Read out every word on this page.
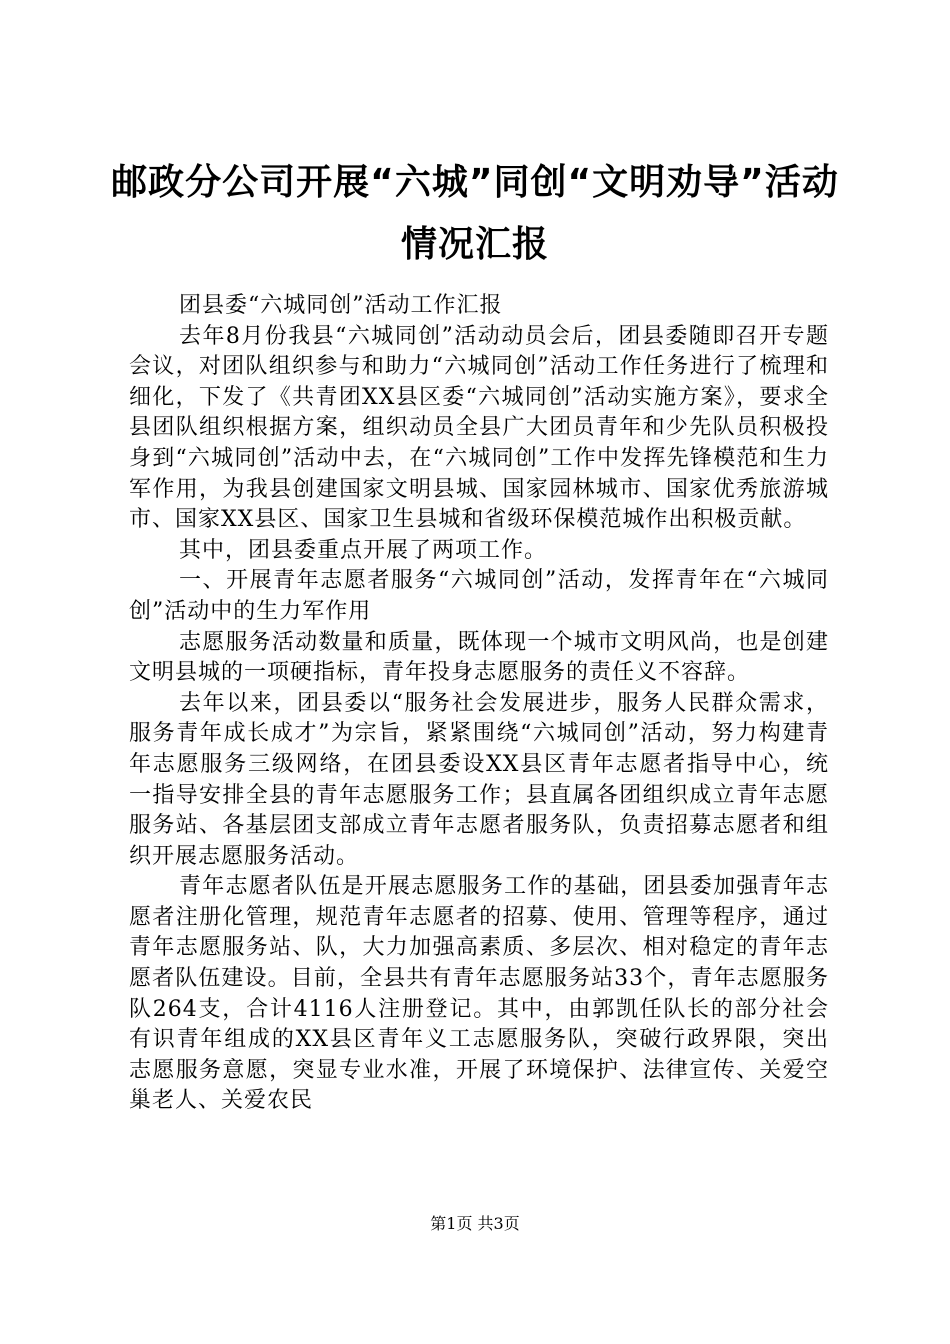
邮政分公司开展“六城”同创“文明劝导”活动情况汇报

团县委“六城同创”活动工作汇报

去年8月份我县“六城同创”活动动员会后，团县委随即召开专题会议，对团队组织参与和助力“六城同创”活动工作任务进行了梳理和细化，下发了《共青团XX县区委“六城同创”活动实施方案》，要求全县团队组织根据方案，组织动员全县广大团员青年和少先队员积极投身到“六城同创”活动中去，在“六城同创”工作中发挥先锋模范和生力军作用，为我县创建国家文明县城、国家园林城市、国家优秀旅游城市、国家XX县区、国家卫生县城和省级环保模范城作出积极贡献。

其中，团县委重点开展了两项工作。

一、开展青年志愿者服务“六城同创”活动，发挥青年在“六城同创”活动中的生力军作用

志愿服务活动数量和质量，既体现一个城市文明风尚，也是创建文明县城的一项硬指标，青年投身志愿服务的责任义不容辞。

去年以来，团县委以“服务社会发展进步，服务人民群众需求，服务青年成长成才”为宗旨，紧紧围绕“六城同创”活动，努力构建青年志愿服务三级网络，在团县委设XX县区青年志愿者指导中心，统一指导安排全县的青年志愿服务工作；县直属各团组织成立青年志愿服务站、各基层团支部成立青年志愿者服务队，负责招募志愿者和组织开展志愿服务活动。

青年志愿者队伍是开展志愿服务工作的基础，团县委加强青年志愿者注册化管理，规范青年志愿者的招募、使用、管理等程序，通过青年志愿服务站、队，大力加强高素质、多层次、相对稳定的青年志愿者队伍建设。目前，全县共有青年志愿服务站33个，青年志愿服务队264支，合计4116人注册登记。其中，由郭凯任队长的部分社会有识青年组成的XX县区青年义工志愿服务队，突破行政界限，突出志愿服务意愿，突显专业水准，开展了环境保护、法律宣传、关爱空巢老人、关爱农民

第1页 共3页
